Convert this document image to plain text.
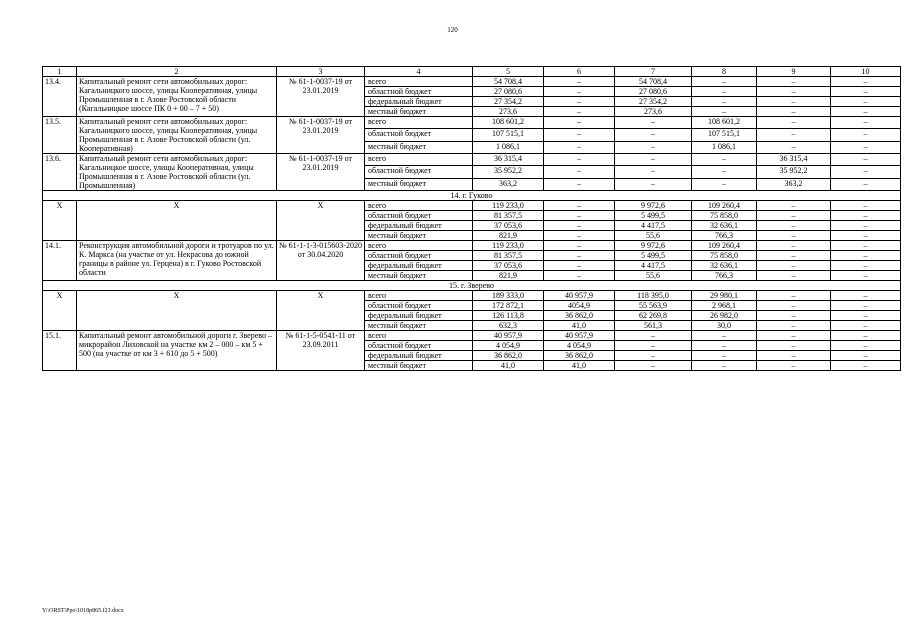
120
1	2	3	4	5	6	7	8	9	10
13.4.	Капитальный ремонт сети автомобильных дорог: Кагальницкого шоссе, улицы Кооперативная, улицы Промышленная в г. Азове Ростовской области (Кагальницкое шоссе ПК 0 + 00 – 7 + 50)	№ 61-1-0037-19 от 23.01.2019	всего	54 708,4	–	54 708,4	–	–	–
			областной бюджет	27 080,6	–	27 080,6	–	–	–
			федеральный бюджет	27 354,2	–	27 354,2	–	–	–
			местный бюджет	273,6	–	273,6	–	–	–
13.5.	Капитальный ремонт сети автомобильных дорог: Кагальницкого шоссе, улицы Кооперативная, улицы Промышленная в г. Азове Ростовской области (ул. Кооперативная)	№ 61-1-0037-19 от 23.01.2019	всего	108 601,2	–	–	108 601,2	–	–
			областной бюджет	107 515,1	–	–	107 515,1	–	–
			местный бюджет	1 086,1	–	–	1 086,1	–	–
13.6.	Капитальный ремонт сети автомобильных дорог: Кагальницкое шоссе, улицы Кооперативная, улицы Промышленная в г. Азове Ростовской области (ул. Промышленная)	№ 61-1-0037-19 от 23.01.2019	всего	36 315,4	–	–	–	36 315,4	–
			областной бюджет	35 952,2	–	–	–	35 952,2	–
			местный бюджет	363,2	–	–	–	363,2	–
14. г. Гуково									
X	X	X	всего	119 233,0	–	9 972,6	109 260,4	–	–
			областной бюджет	81 357,5	–	5 499,5	75 858,0	–	–
			федеральный бюджет	37 053,6	–	4 417,5	32 636,1	–	–
			местный бюджет	821,9	–	55,6	766,3	–	–
14.1.	Реконструкция автомобильной дороги и тротуаров по ул. К. Маркса (на участке от ул. Некрасова до южной границы в районе ул. Герцена) в г. Гуково Ростовской области	№ 61-1-1-3-015603-2020 от 30.04.2020	всего	119 233,0	–	9 972,6	109 260,4	–	–
			областной бюджет	81 357,5	–	5 499,5	75 858,0	–	–
			федеральный бюджет	37 053,6	–	4 417,5	32 636,1	–	–
			местный бюджет	821,9	–	55,6	766,3	–	–
15. г. Зверево									
X	X	X	всего	189 333,0	40 957,9	118 395,0	29 980,1	–	–
			областной бюджет	172 872,1	4054,9	55 563,9	2 968,1	–	–
			федеральный бюджет	126 113,8	36 862,0	62 269,8	26 982,0	–	–
			местный бюджет	632,3	41,0	561,3	30,0	–	–
15.1.	Капитальный ремонт автомобильной дороги г. Зверево – микрорайон Лиховской на участке км 2 – 000 – км 5 + 500 (на участке от км 3 + 610 до 5 + 500)	№ 61-1-5-0541-11 от 23.09.2011	всего	40 957,9	40 957,9	–	–	–	–
			областной бюджет	4 054,9	4 054,9	–	–	–	–
			федеральный бюджет	36 862,0	36 862,0	–	–	–	–
			местный бюджет	41,0	41,0	–	–	–	–
Y:\ORST\Ppo\1018p865.f21.docx
